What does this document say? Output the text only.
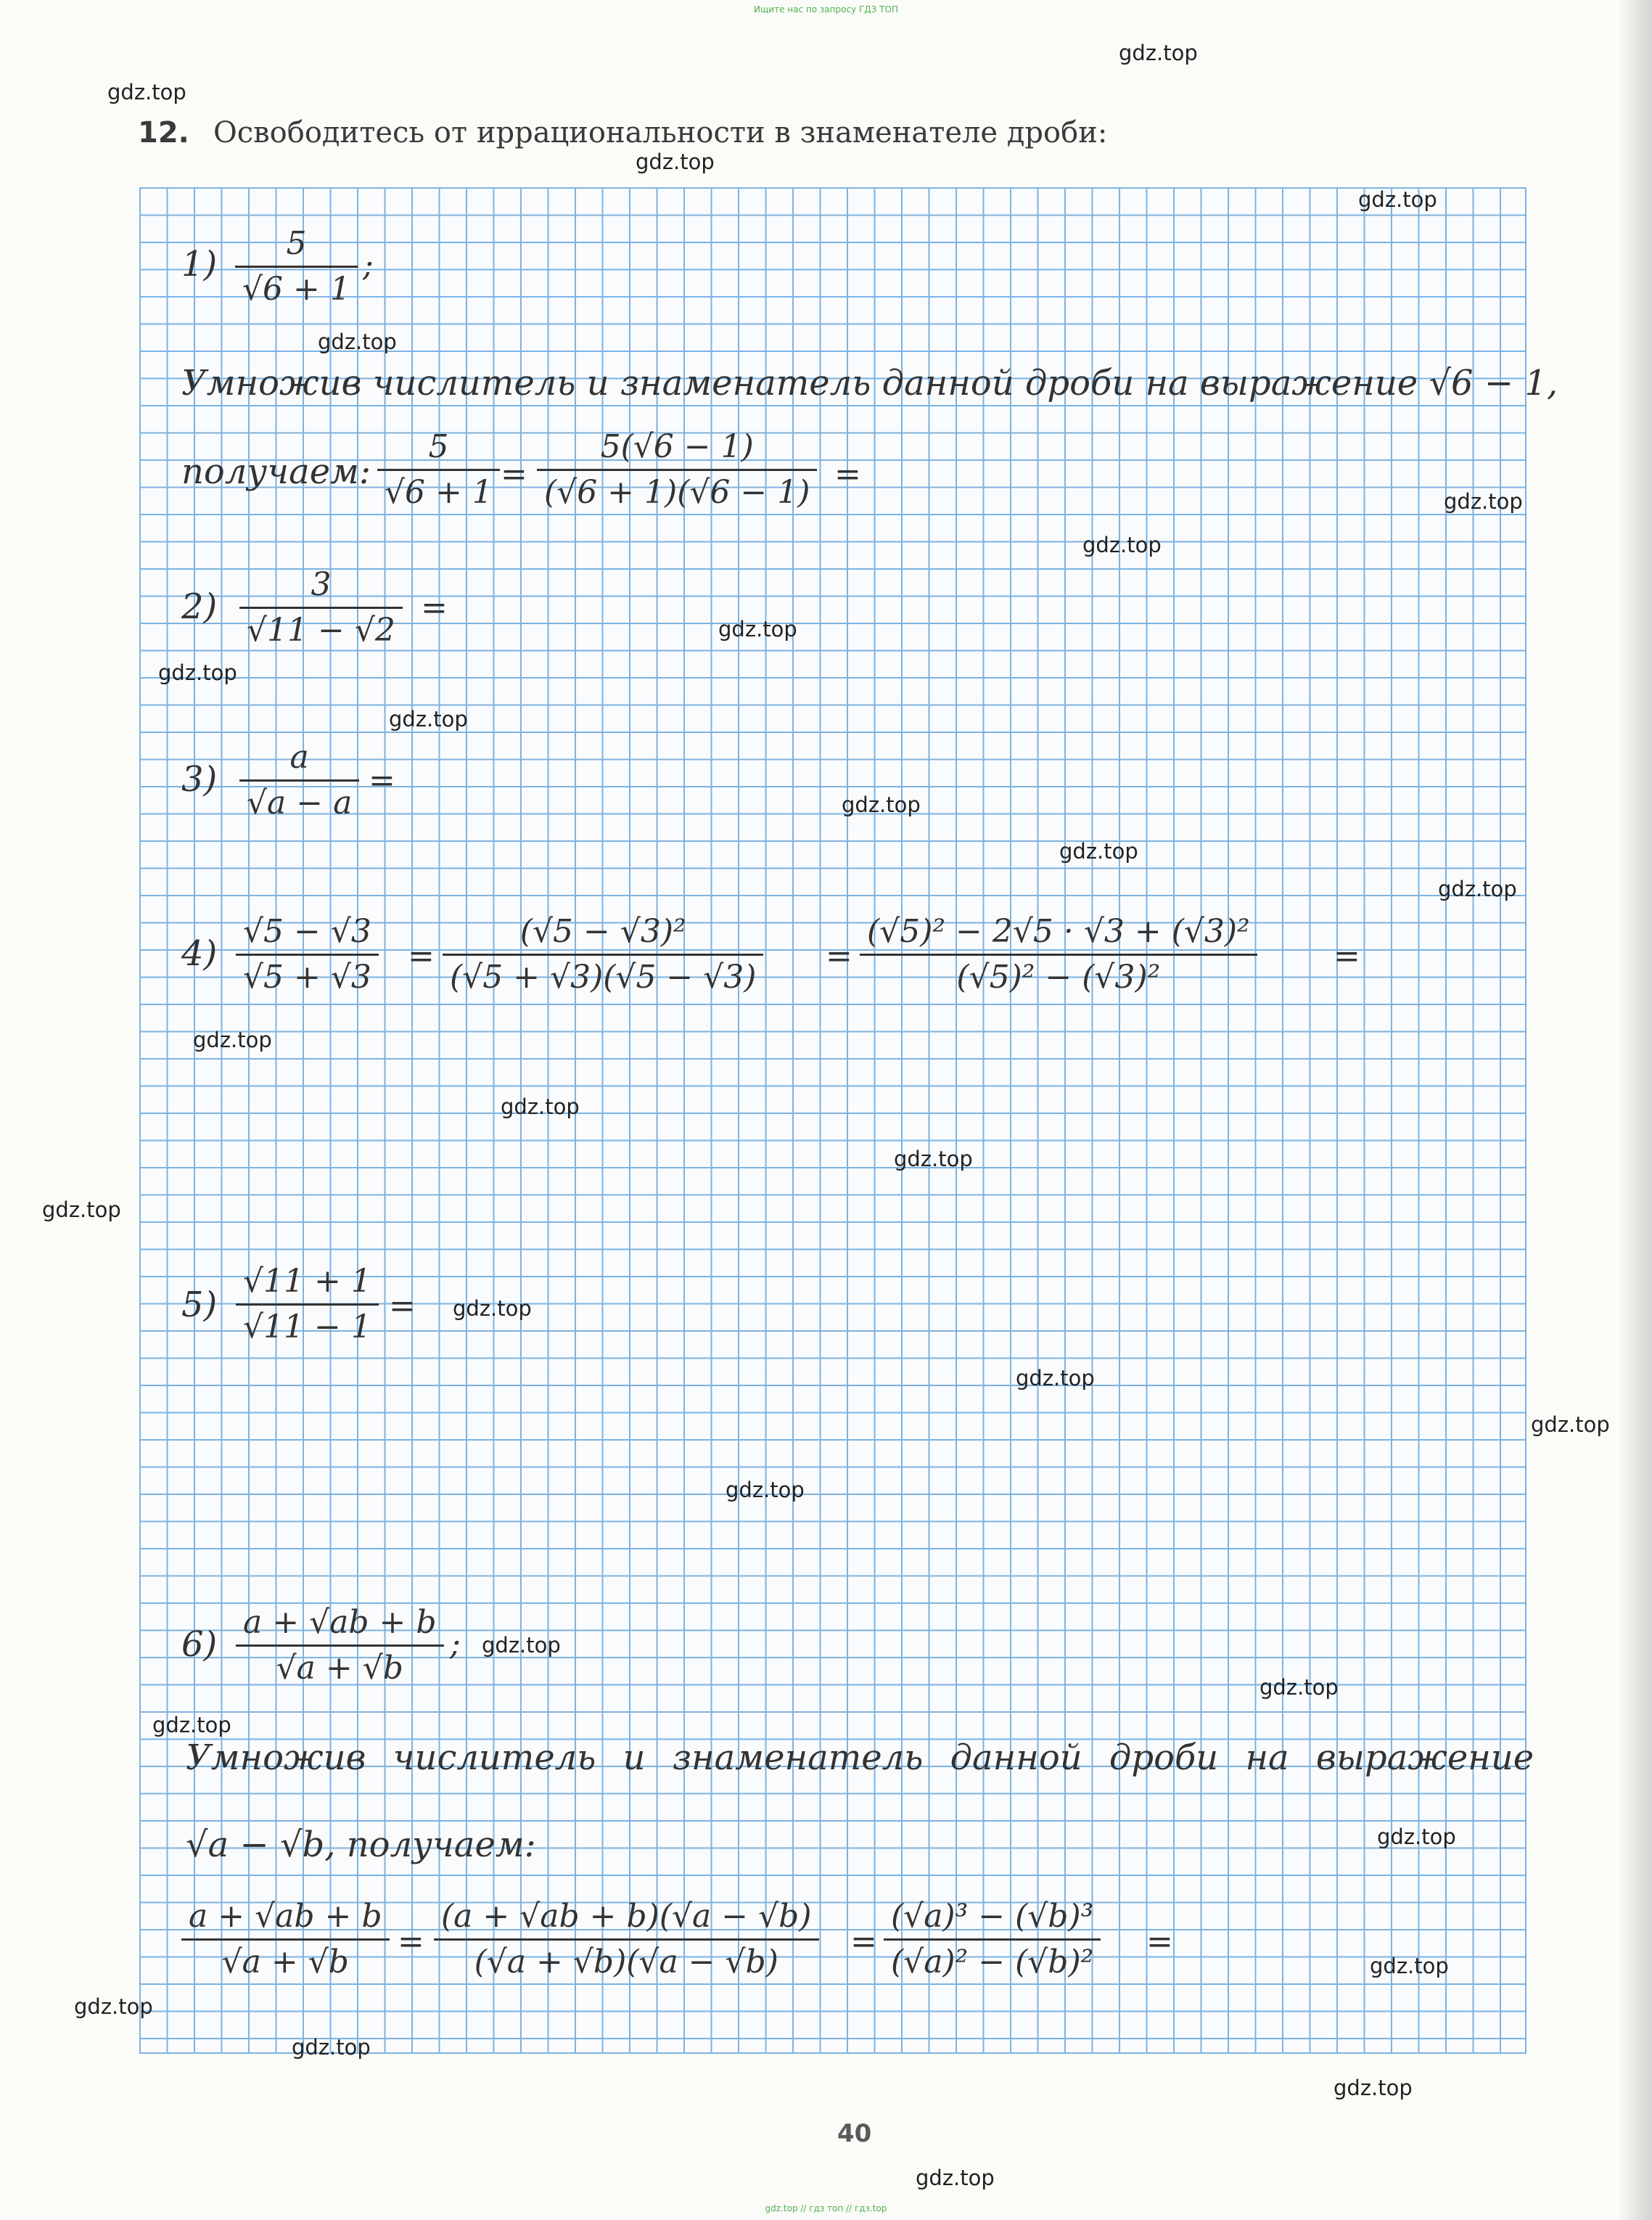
Ищите нас по запросу ГДЗ ТОП
12. Освободитесь от иррациональности в знаменателе дроби:
$1) \frac{5}{√6 + 1}$ ;
Умножив числитель и знаменатель данной дроби на выражение √6 − 1,
получаем: $\frac{5}{√6 + 1} = \frac{5(√6 - 1)}{(√6 + 1)(√6 - 1)}$ =
$2) \frac{3}{√11 - √2}$ =
$3) \frac{a}{√a - a}$ =
$4) \frac{√5 - √3}{√5 + √3} = \frac{\text{(√5 − √3)²}}{(√5 + √3)(√5 - √3)} = \frac{\text{(√5)² − 2√5 · √3 + (√3)²}}{\text{(√5)² − (√3)²}}$ =
$5) \frac{√11 + 1}{√11 - 1}$ =
$6) \frac{a + √ab + b}{√a + √b}$ ;
Умножив числитель и знаменатель данной дроби на выражение
√a − √b, получаем:
$\frac{a + √ab + b}{√a + √b} = \frac{(a + √ab + b)(√a - √b)}{(√a + √b)(√a - √b)} = \frac{\text{(√a)³ − (√b)³}}{\text{(√a)² − (√b)²}}$ =
gdz.top
gdz.top
gdz.top
gdz.top
gdz.top
gdz.top
gdz.top
gdz.top
gdz.top
gdz.top
gdz.top
gdz.top
gdz.top
gdz.top
gdz.top
gdz.top
gdz.top
gdz.top
gdz.top
gdz.top
gdz.top
gdz.top
gdz.top
gdz.top
gdz.top
gdz.top
gdz.top
gdz.top
gdz.top
gdz.top
40
gdz.top // гдз топ // гдз.top
